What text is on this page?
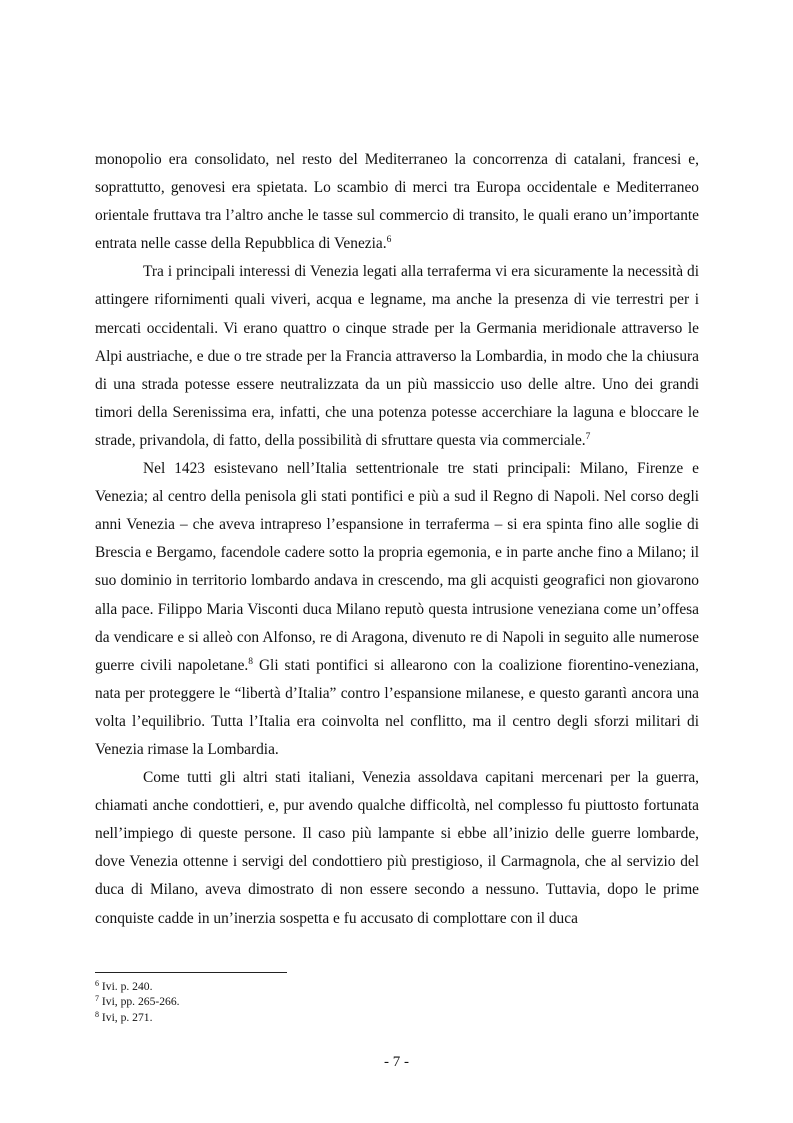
monopolio era consolidato, nel resto del Mediterraneo la concorrenza di catalani, francesi e, soprattutto, genovesi era spietata. Lo scambio di merci tra Europa occidentale e Mediterraneo orientale fruttava tra l’altro anche le tasse sul commercio di transito, le quali erano un’importante entrata nelle casse della Repubblica di Venezia.$^6$

Tra i principali interessi di Venezia legati alla terraferma vi era sicuramente la necessità di attingere rifornimenti quali viveri, acqua e legname, ma anche la presenza di vie terrestri per i mercati occidentali. Vi erano quattro o cinque strade per la Germania meridionale attraverso le Alpi austriache, e due o tre strade per la Francia attraverso la Lombardia, in modo che la chiusura di una strada potesse essere neutralizzata da un più massiccio uso delle altre. Uno dei grandi timori della Serenissima era, infatti, che una potenza potesse accerchiare la laguna e bloccare le strade, privandola, di fatto, della possibilità di sfruttare questa via commerciale.$^7$

Nel 1423 esistevano nell’Italia settentrionale tre stati principali: Milano, Firenze e Venezia; al centro della penisola gli stati pontifici e più a sud il Regno di Napoli. Nel corso degli anni Venezia – che aveva intrapreso l’espansione in terraferma – si era spinta fino alle soglie di Brescia e Bergamo, facendole cadere sotto la propria egemonia, e in parte anche fino a Milano; il suo dominio in territorio lombardo andava in crescendo, ma gli acquisti geografici non giovarono alla pace. Filippo Maria Visconti duca Milano reputò questa intrusione veneziana come un’offesa da vendicare e si alleò con Alfonso, re di Aragona, divenuto re di Napoli in seguito alle numerose guerre civili napoletane.$^8$ Gli stati pontifici si allearono con la coalizione fiorentino-veneziana, nata per proteggere le “libertà d’Italia” contro l’espansione milanese, e questo garantì ancora una volta l’equilibrio. Tutta l’Italia era coinvolta nel conflitto, ma il centro degli sforzi militari di Venezia rimase la Lombardia.

Come tutti gli altri stati italiani, Venezia assoldava capitani mercenari per la guerra, chiamati anche condottieri, e, pur avendo qualche difficoltà, nel complesso fu piuttosto fortunata nell’impiego di queste persone. Il caso più lampante si ebbe all’inizio delle guerre lombarde, dove Venezia ottenne i servigi del condottiero più prestigioso, il Carmagnola, che al servizio del duca di Milano, aveva dimostrato di non essere secondo a nessuno. Tuttavia, dopo le prime conquiste cadde in un’inerzia sospetta e fu accusato di complottare con il duca

$^6$ Ivi. p. 240.
$^7$ Ivi, pp. 265-266.
$^8$ Ivi, p. 271.
- 7 -
